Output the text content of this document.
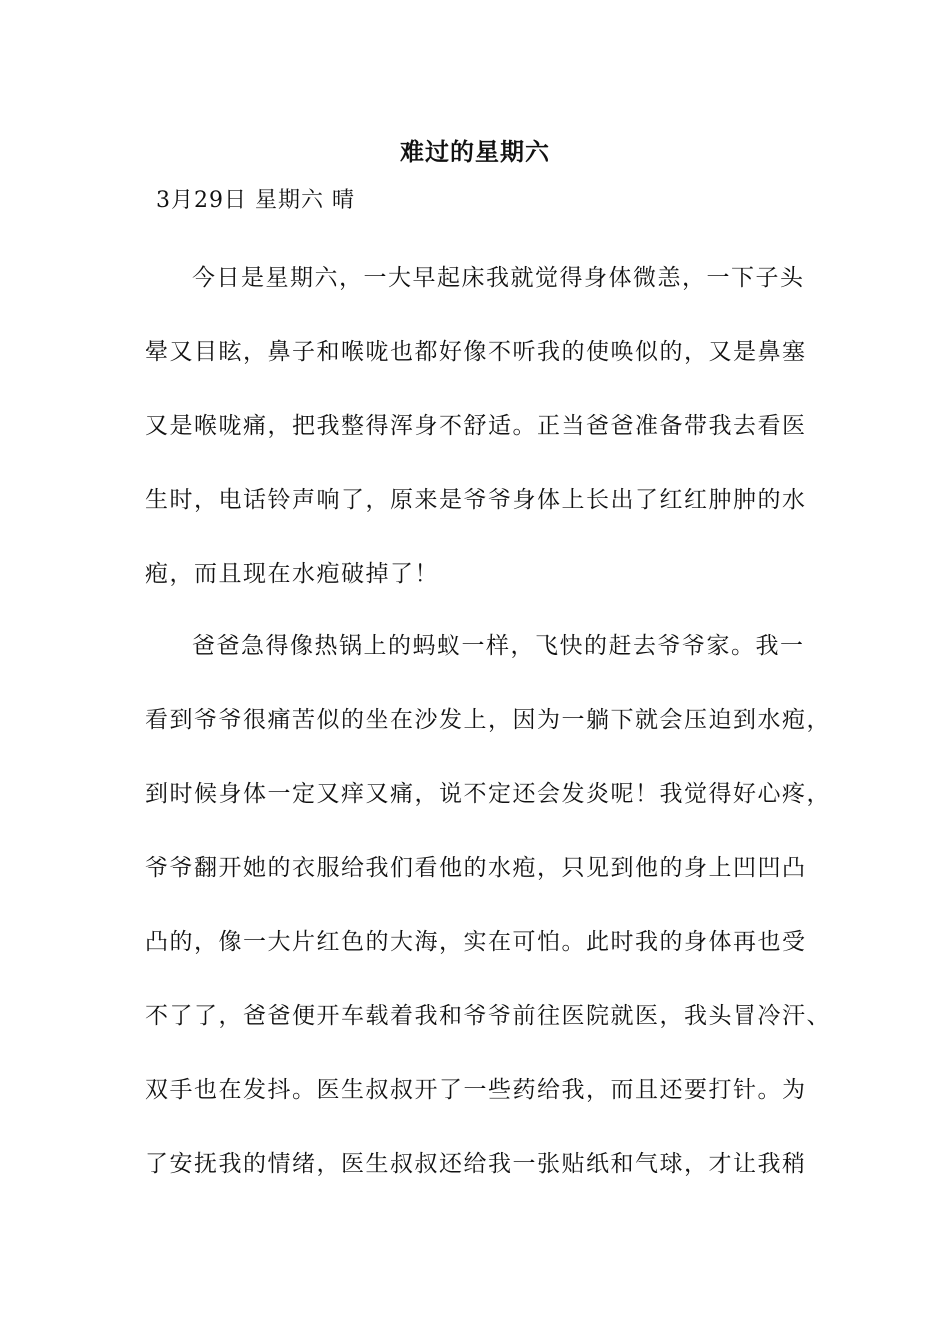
难过的星期六
3月29日 星期六 晴
今日是星期六，一大早起床我就觉得身体微恙，一下子头
晕又目眩，鼻子和喉咙也都好像不听我的使唤似的，又是鼻塞
又是喉咙痛，把我整得浑身不舒适。正当爸爸准备带我去看医
生时，电话铃声响了，原来是爷爷身体上长出了红红肿肿的水
疱，而且现在水疱破掉了！
爸爸急得像热锅上的蚂蚁一样，飞快的赶去爷爷家。我一
看到爷爷很痛苦似的坐在沙发上，因为一躺下就会压迫到水疱，
到时候身体一定又痒又痛，说不定还会发炎呢！我觉得好心疼，
爷爷翻开她的衣服给我们看他的水疱，只见到他的身上凹凹凸
凸的，像一大片红色的大海，实在可怕。此时我的身体再也受
不了了，爸爸便开车载着我和爷爷前往医院就医，我头冒冷汗、
双手也在发抖。医生叔叔开了一些药给我，而且还要打针。为
了安抚我的情绪，医生叔叔还给我一张贴纸和气球，才让我稍
